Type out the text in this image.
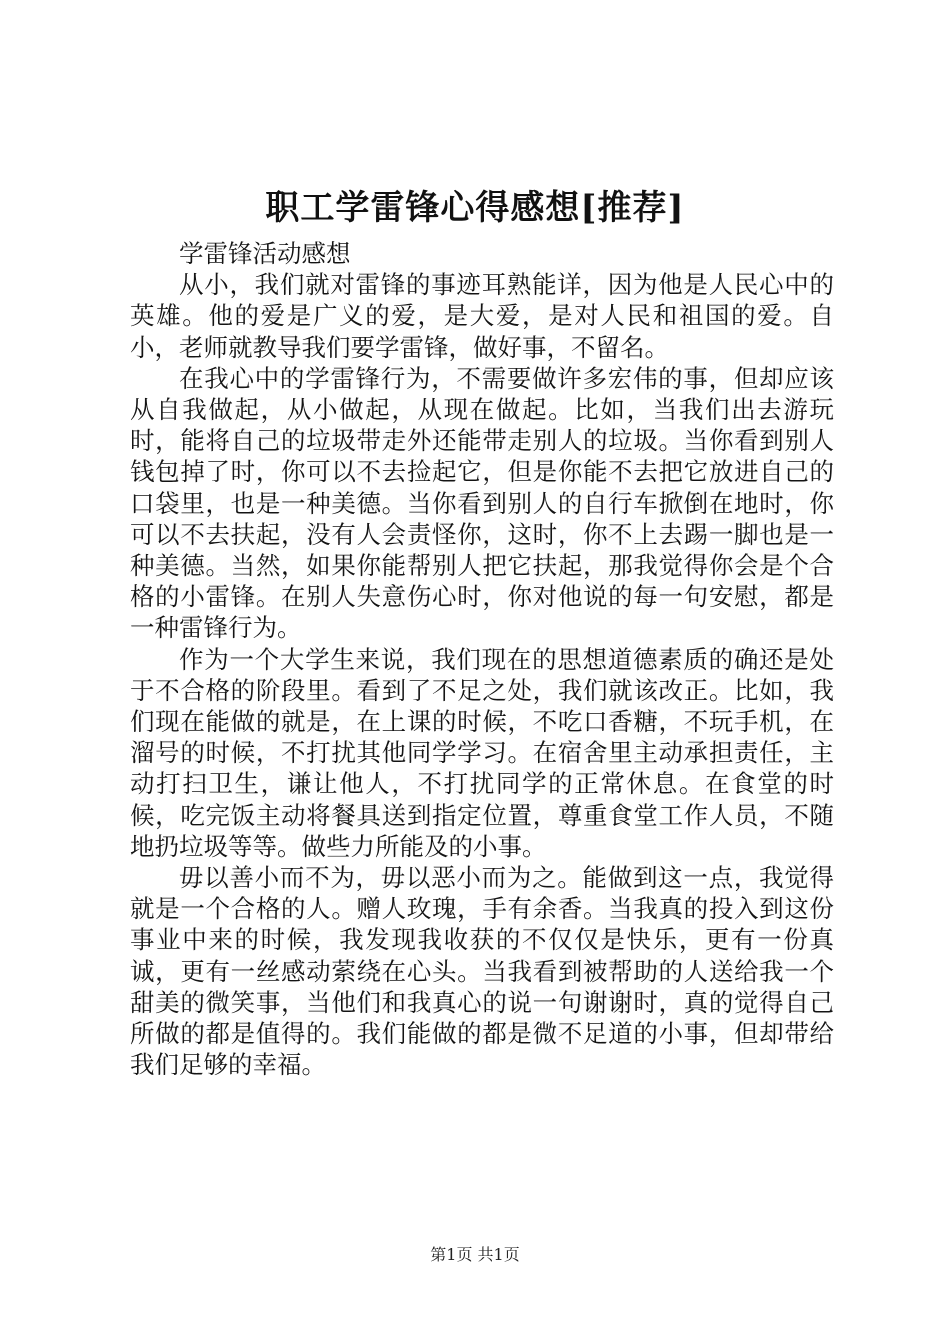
职工学雷锋心得感想[推荐]

学雷锋活动感想

从小，我们就对雷锋的事迹耳熟能详，因为他是人民心中的英雄。他的爱是广义的爱，是大爱，是对人民和祖国的爱。自小，老师就教导我们要学雷锋，做好事，不留名。

在我心中的学雷锋行为，不需要做许多宏伟的事，但却应该从自我做起，从小做起，从现在做起。比如，当我们出去游玩时，能将自己的垃圾带走外还能带走别人的垃圾。当你看到别人钱包掉了时，你可以不去捡起它，但是你能不去把它放进自己的口袋里，也是一种美德。当你看到别人的自行车掀倒在地时，你可以不去扶起，没有人会责怪你，这时，你不上去踢一脚也是一种美德。当然，如果你能帮别人把它扶起，那我觉得你会是个合格的小雷锋。在别人失意伤心时，你对他说的每一句安慰，都是一种雷锋行为。

作为一个大学生来说，我们现在的思想道德素质的确还是处于不合格的阶段里。看到了不足之处，我们就该改正。比如，我们现在能做的就是，在上课的时候，不吃口香糖，不玩手机，在溜号的时候，不打扰其他同学学习。在宿舍里主动承担责任，主动打扫卫生，谦让他人，不打扰同学的正常休息。在食堂的时候，吃完饭主动将餐具送到指定位置，尊重食堂工作人员，不随地扔垃圾等等。做些力所能及的小事。

毋以善小而不为，毋以恶小而为之。能做到这一点，我觉得就是一个合格的人。赠人玫瑰，手有余香。当我真的投入到这份事业中来的时候，我发现我收获的不仅仅是快乐，更有一份真诚，更有一丝感动萦绕在心头。当我看到被帮助的人送给我一个甜美的微笑事，当他们和我真心的说一句谢谢时，真的觉得自己所做的都是值得的。我们能做的都是微不足道的小事，但却带给我们足够的幸福。

第1页 共1页
